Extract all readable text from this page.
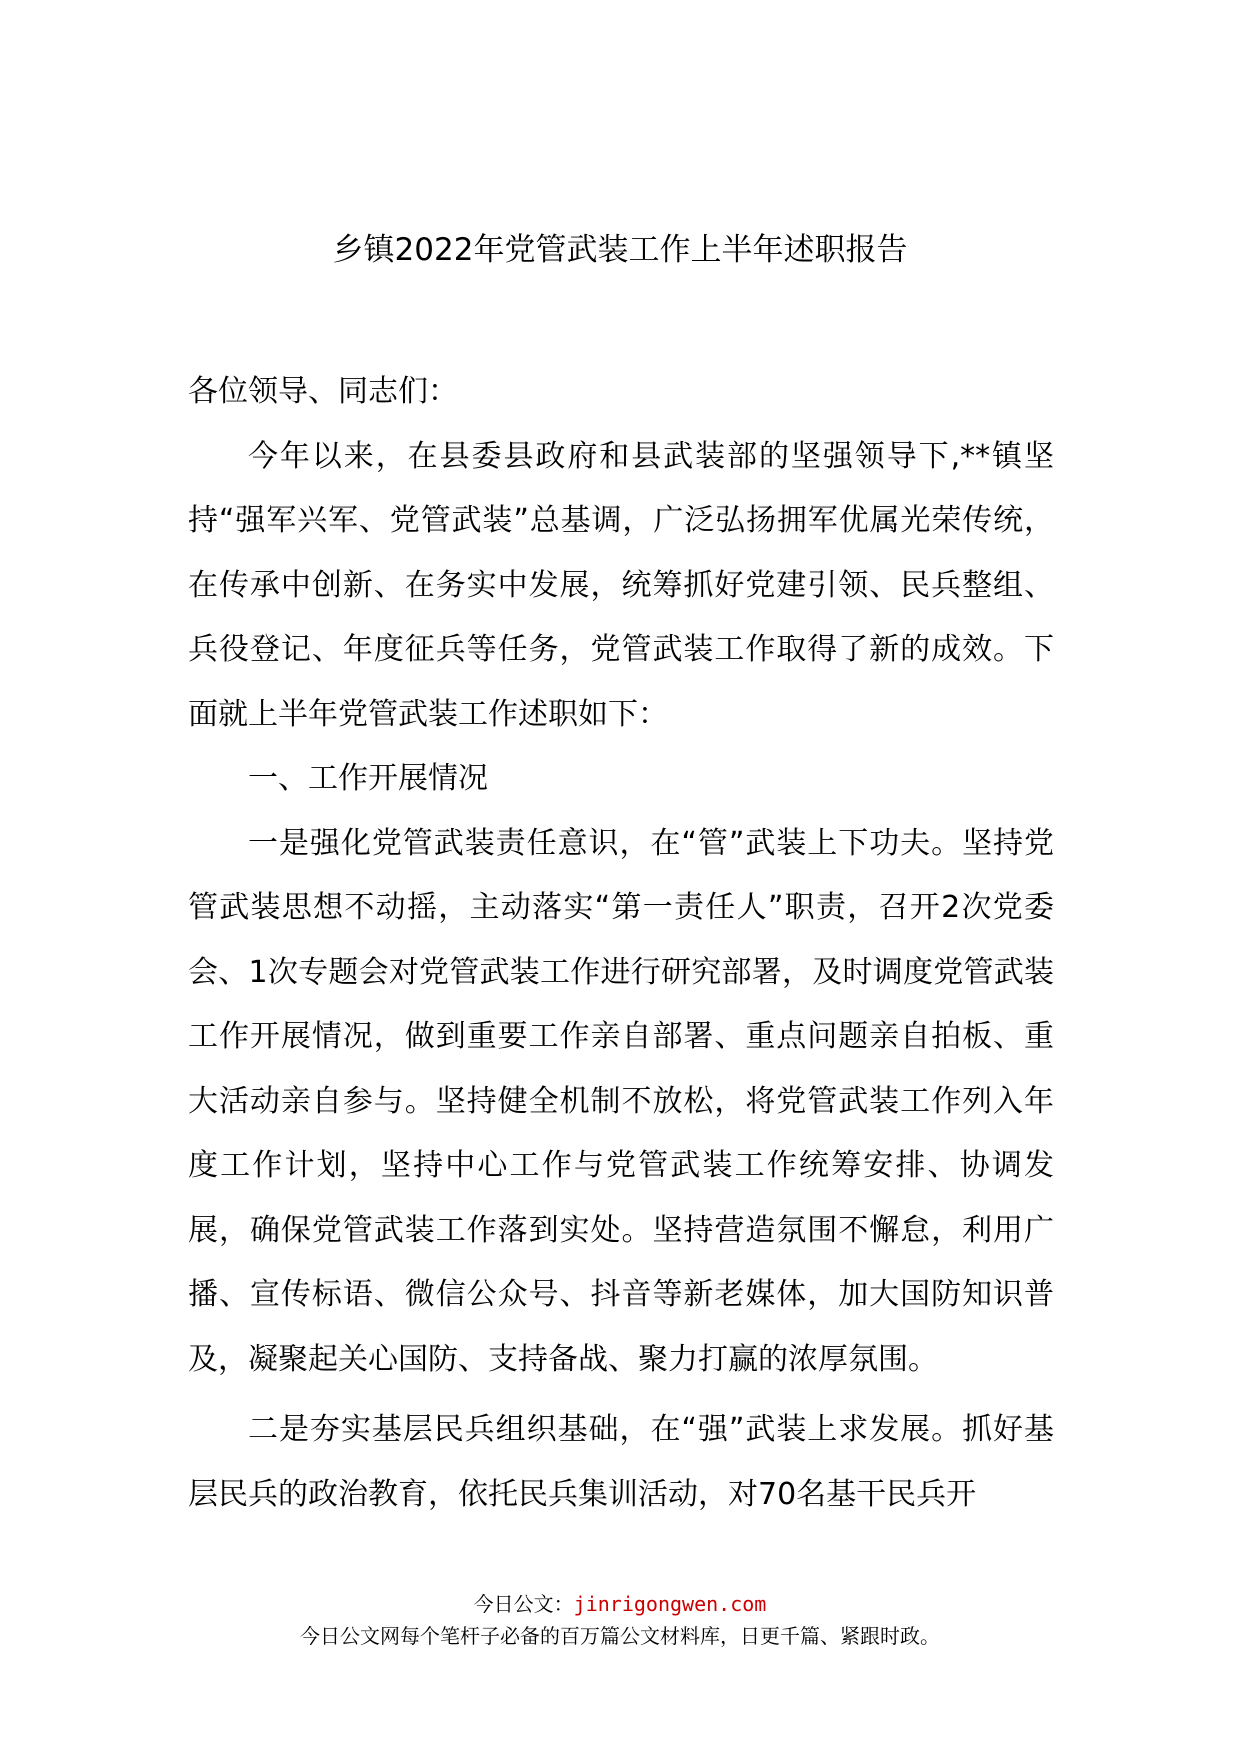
乡镇2022年党管武装工作上半年述职报告

各位领导、同志们：

今年以来，在县委县政府和县武装部的坚强领导下,**镇坚持“强军兴军、党管武装”总基调，广泛弘扬拥军优属光荣传统，在传承中创新、在务实中发展，统筹抓好党建引领、民兵整组、兵役登记、年度征兵等任务，党管武装工作取得了新的成效。下面就上半年党管武装工作述职如下：

一、工作开展情况

一是强化党管武装责任意识，在“管”武装上下功夫。坚持党管武装思想不动摇，主动落实“第一责任人”职责，召开2次党委会、1次专题会对党管武装工作进行研究部署，及时调度党管武装工作开展情况，做到重要工作亲自部署、重点问题亲自拍板、重大活动亲自参与。坚持健全机制不放松，将党管武装工作列入年度工作计划，坚持中心工作与党管武装工作统筹安排、协调发展，确保党管武装工作落到实处。坚持营造氛围不懈怠，利用广播、宣传标语、微信公众号、抖音等新老媒体，加大国防知识普及，凝聚起关心国防、支持备战、聚力打赢的浓厚氛围。

二是夯实基层民兵组织基础，在“强”武装上求发展。抓好基层民兵的政治教育，依托民兵集训活动，对70名基干民兵开

今日公文：jinrigongwen.com
今日公文网每个笔杆子必备的百万篇公文材料库，日更千篇、紧跟时政。
